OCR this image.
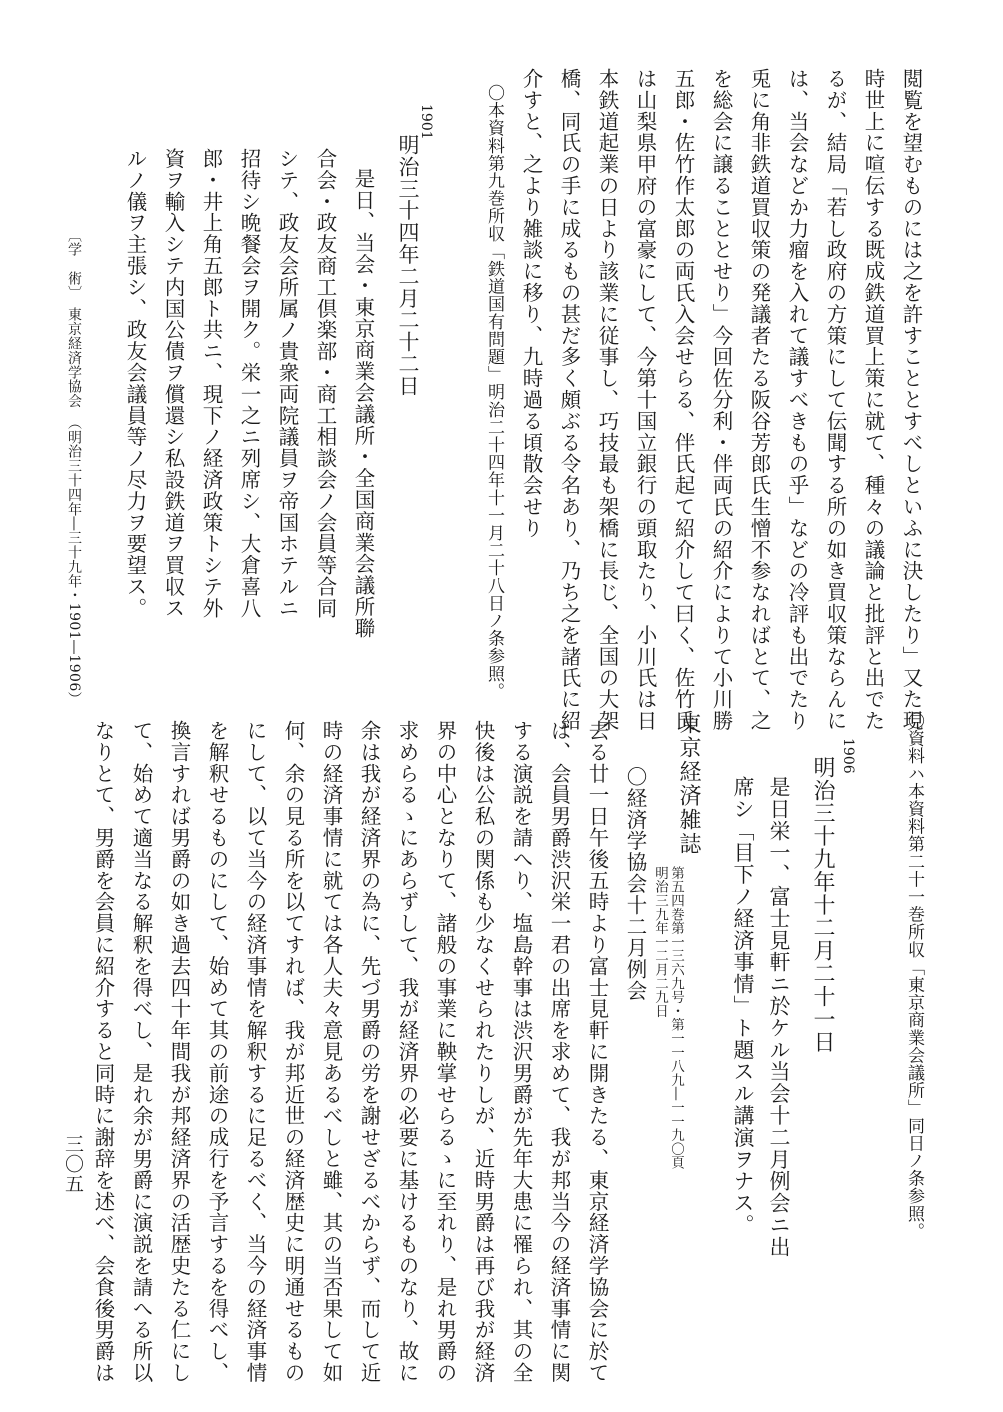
閲覧を望むものには之を許すこととすべしといふに決したり」又た現
時世上に喧伝する既成鉄道買上策に就て、種々の議論と批評と出でた
るが、結局「若し政府の方策にして伝聞する所の如き買収策ならんに
は、当会などか力瘤を入れて議すべきもの乎」などの冷評も出でたり
兎に角非鉄道買収策の発議者たる阪谷芳郎氏生憎不参なればとて、之
を総会に譲ることとせり」今回佐分利・伴両氏の紹介によりて小川勝
五郎・佐竹作太郎の両氏入会せらる、伴氏起て紹介して曰く、佐竹氏
は山梨県甲府の富豪にして、今第十国立銀行の頭取たり、小川氏は日
本鉄道起業の日より該業に従事し、巧技最も架橋に長じ、全国の大架
橋、同氏の手に成るもの甚だ多く頗ぶる令名あり、乃ち之を諸氏に紹
介すと、之より雑談に移り、九時過る頃散会せり
〇本資料第九巻所収「鉄道国有問題」明治二十四年十一月二十八日ノ条参照。
1901
明治三十四年二月二十二日
是日、当会・東京商業会議所・全国商業会議所聯
合会・政友商工倶楽部・商工相談会ノ会員等合同
シテ、政友会所属ノ貴衆両院議員ヲ帝国ホテルニ
招待シ晩餐会ヲ開ク。栄一之ニ列席シ、大倉喜八
郎・井上角五郎ト共ニ、現下ノ経済政策トシテ外
資ヲ輸入シテ内国公債ヲ償還シ私設鉄道ヲ買収ス
ルノ儀ヲ主張シ、政友会議員等ノ尽力ヲ要望ス。
〔学　術〕　東京経済学協会　（明治三十四年―三十九年・1901―1906）
〇資料ハ本資料第二十一巻所収「東京商業会議所」同日ノ条参照。
1906
明治三十九年十二月二十一日
是日栄一、富士見軒ニ於ケル当会十二月例会ニ出
席シ「目下ノ経済事情」ト題スル講演ヲナス。
東京経済雑誌
第五四巻第一三六九号・第一一八九―一一九〇頁
明治三九年一二月二九日
〇経済学協会十二月例会
去る廿一日午後五時より富士見軒に開きたる、東京経済学協会に於て
は、会員男爵渋沢栄一君の出席を求めて、我が邦当今の経済事情に関
する演説を請へり、塩島幹事は渋沢男爵が先年大患に罹られ、其の全
快後は公私の関係も少なくせられたりしが、近時男爵は再び我が経済
界の中心となりて、諸般の事業に鞅掌せらるゝに至れり、是れ男爵の
求めらるゝにあらずして、我が経済界の必要に基けるものなり、故に
余は我が経済界の為に、先づ男爵の労を謝せざるべからず、而して近
時の経済事情に就ては各人夫々意見あるべしと雖、其の当否果して如
何、余の見る所を以てすれば、我が邦近世の経済歴史に明通せるもの
にして、以て当今の経済事情を解釈するに足るべく、当今の経済事情
を解釈せるものにして、始めて其の前途の成行を予言するを得べし、
換言すれば男爵の如き過去四十年間我が邦経済界の活歴史たる仁にし
て、始めて適当なる解釈を得べし、是れ余が男爵に演説を請へる所以
なりとて、男爵を会員に紹介すると同時に謝辞を述べ、会食後男爵は
三〇五
